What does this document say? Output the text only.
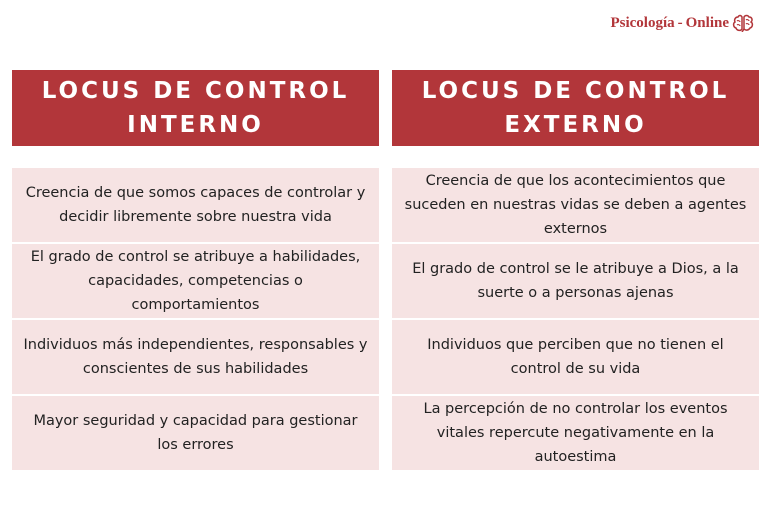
Psicología - Online
LOCUS DE CONTROL
INTERNO
Creencia de que somos capaces de controlar y decidir libremente sobre nuestra vida
El grado de control se atribuye a habilidades, capacidades, competencias o comportamientos
Individuos más independientes, responsables y conscientes de sus habilidades
Mayor seguridad y capacidad para gestionar los errores
LOCUS DE CONTROL
EXTERNO
Creencia de que los acontecimientos que suceden en nuestras vidas se deben a agentes externos
El grado de control se le atribuye a Dios, a la suerte o a personas ajenas
Individuos que perciben que no tienen el control de su vida
La percepción de no controlar los eventos vitales repercute negativamente en la autoestima
